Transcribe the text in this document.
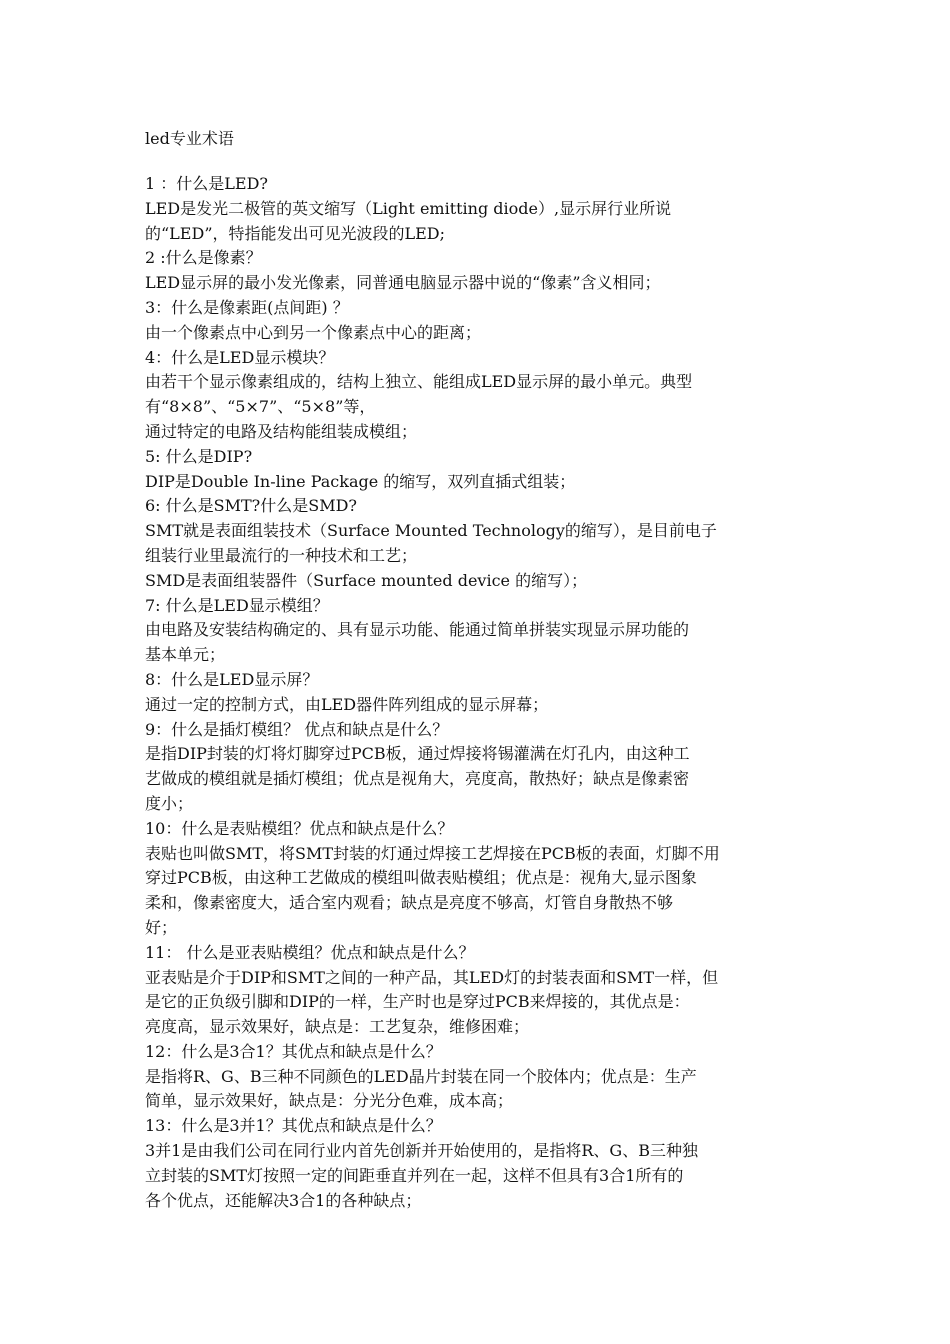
led专业术语
1 ：什么是LED?
LED是发光二极管的英文缩写（Light emitting diode）,显示屏行业所说
的“LED”，特指能发出可见光波段的LED;
2 :什么是像素？
LED显示屏的最小发光像素，同普通电脑显示器中说的“像素”含义相同；
3：什么是像素距(点间距) ？
由一个像素点中心到另一个像素点中心的距离；
4：什么是LED显示模块？
由若干个显示像素组成的，结构上独立、能组成LED显示屏的最小单元。典型
有“8×8”、“5×7”、“5×8”等，
通过特定的电路及结构能组装成模组；
5: 什么是DIP?
DIP是Double In-line Package 的缩写，双列直插式组装；
6: 什么是SMT?什么是SMD?
SMT就是表面组装技术（Surface Mounted Technology的缩写），是目前电子
组装行业里最流行的一种技术和工艺；
SMD是表面组装器件（Surface mounted device 的缩写）；
7: 什么是LED显示模组？
由电路及安装结构确定的、具有显示功能、能通过简单拼装实现显示屏功能的
基本单元；
8：什么是LED显示屏？
通过一定的控制方式，由LED器件阵列组成的显示屏幕；
9：什么是插灯模组？ 优点和缺点是什么？
是指DIP封装的灯将灯脚穿过PCB板，通过焊接将锡灌满在灯孔内，由这种工
艺做成的模组就是插灯模组；优点是视角大，亮度高，散热好；缺点是像素密
度小；
10：什么是表贴模组？优点和缺点是什么？
表贴也叫做SMT，将SMT封装的灯通过焊接工艺焊接在PCB板的表面，灯脚不用
穿过PCB板，由这种工艺做成的模组叫做表贴模组；优点是：视角大,显示图象
柔和，像素密度大，适合室内观看；缺点是亮度不够高，灯管自身散热不够
好；
11： 什么是亚表贴模组？优点和缺点是什么？
亚表贴是介于DIP和SMT之间的一种产品，其LED灯的封装表面和SMT一样，但
是它的正负级引脚和DIP的一样，生产时也是穿过PCB来焊接的，其优点是：
亮度高，显示效果好，缺点是：工艺复杂，维修困难；
12：什么是3合1？其优点和缺点是什么？
是指将R、G、B三种不同颜色的LED晶片封装在同一个胶体内；优点是：生产
简单，显示效果好，缺点是：分光分色难，成本高；
13：什么是3并1？其优点和缺点是什么？
3并1是由我们公司在同行业内首先创新并开始使用的，是指将R、G、B三种独
立封装的SMT灯按照一定的间距垂直并列在一起，这样不但具有3合1所有的
各个优点，还能解决3合1的各种缺点；
